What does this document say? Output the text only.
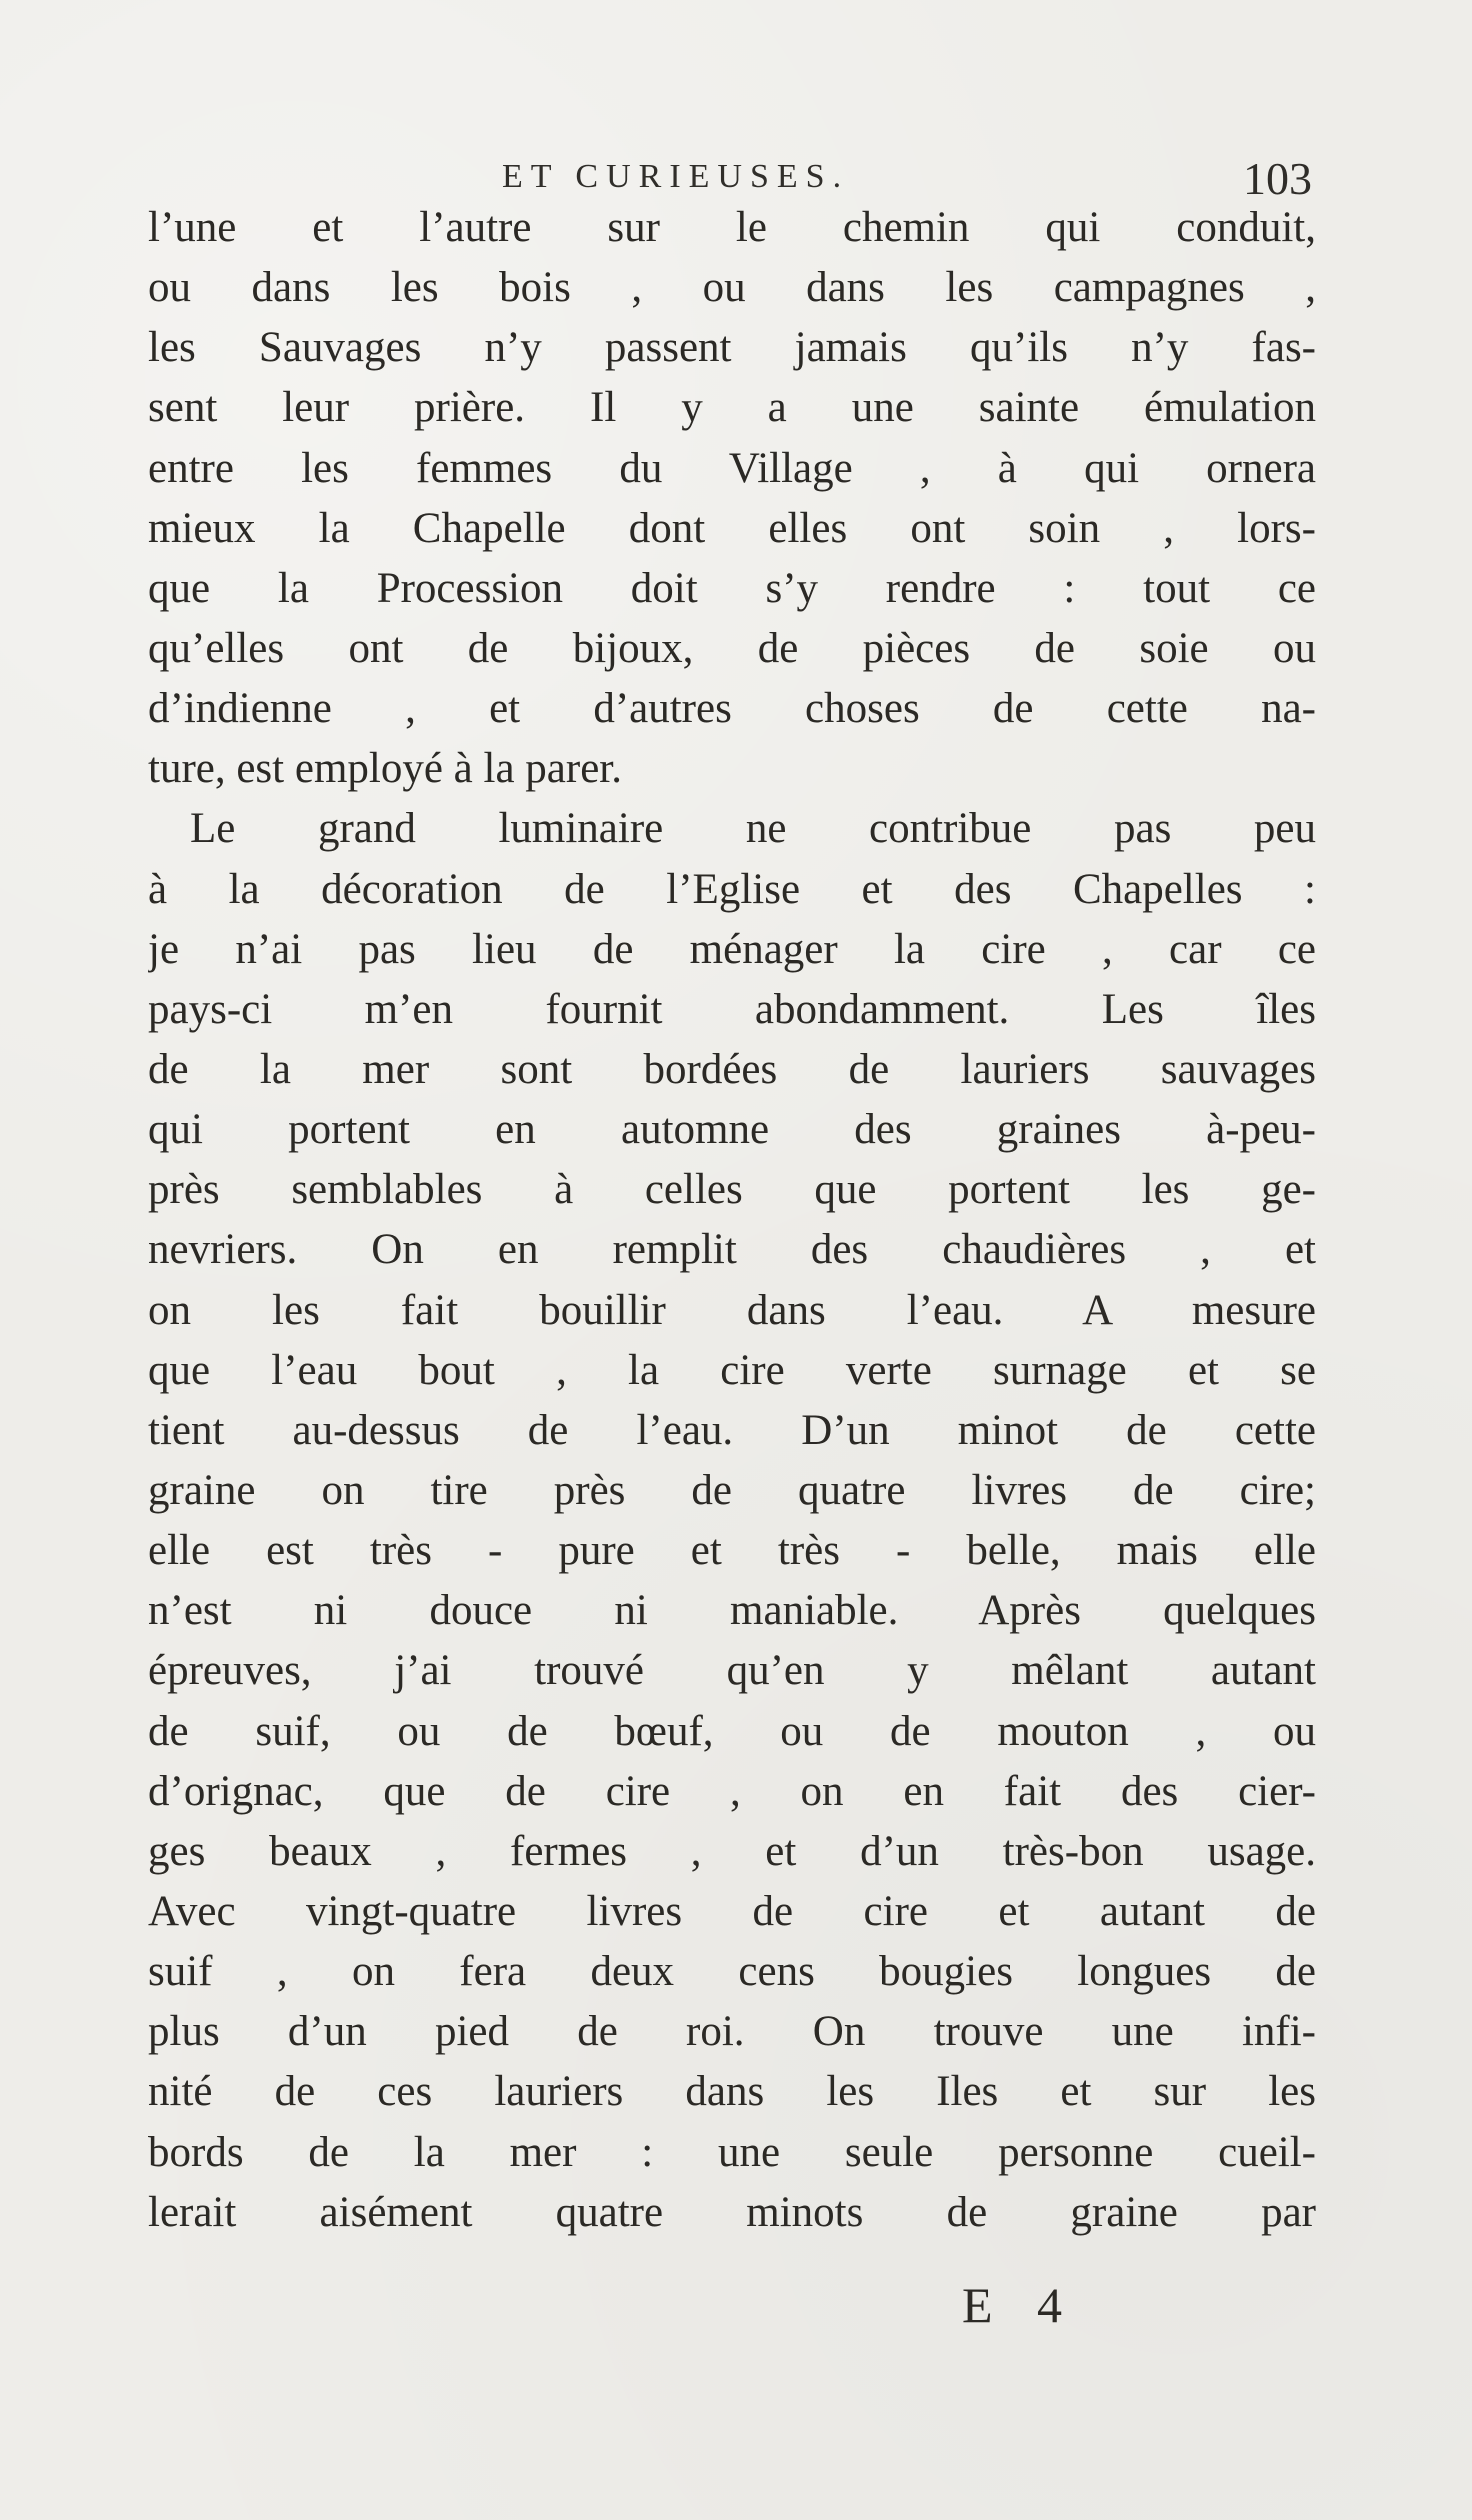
ET CURIEUSES.	103
l’une et l’autre sur le chemin qui conduit,
ou dans les bois , ou dans les campagnes ,
les Sauvages n’y passent jamais qu’ils n’y fas-
sent leur prière. Il y a une sainte émulation
entre les femmes du Village , à qui ornera
mieux la Chapelle dont elles ont soin , lors-
que la Procession doit s’y rendre : tout ce
qu’elles ont de bijoux, de pièces de soie ou
d’indienne , et d’autres choses de cette na-
ture, est employé à la parer.
Le grand luminaire ne contribue pas peu
à la décoration de l’Eglise et des Chapelles :
je n’ai pas lieu de ménager la cire , car ce
pays-ci m’en fournit abondamment. Les îles
de la mer sont bordées de lauriers sauvages
qui portent en automne des graines à-peu-
près semblables à celles que portent les ge-
nevriers. On en remplit des chaudières , et
on les fait bouillir dans l’eau. A mesure
que l’eau bout , la cire verte surnage et se
tient au-dessus de l’eau. D’un minot de cette
graine on tire près de quatre livres de cire;
elle est très - pure et très - belle, mais elle
n’est ni douce ni maniable. Après quelques
épreuves, j’ai trouvé qu’en y mêlant autant
de suif, ou de bœuf, ou de mouton , ou
d’orignac, que de cire , on en fait des cier-
ges beaux , fermes , et d’un très-bon usage.
Avec vingt-quatre livres de cire et autant de
suif , on fera deux cens bougies longues de
plus d’un pied de roi. On trouve une infi-
nité de ces lauriers dans les Iles et sur les
bords de la mer : une seule personne cueil-
lerait aisément quatre minots de graine par
E 4
